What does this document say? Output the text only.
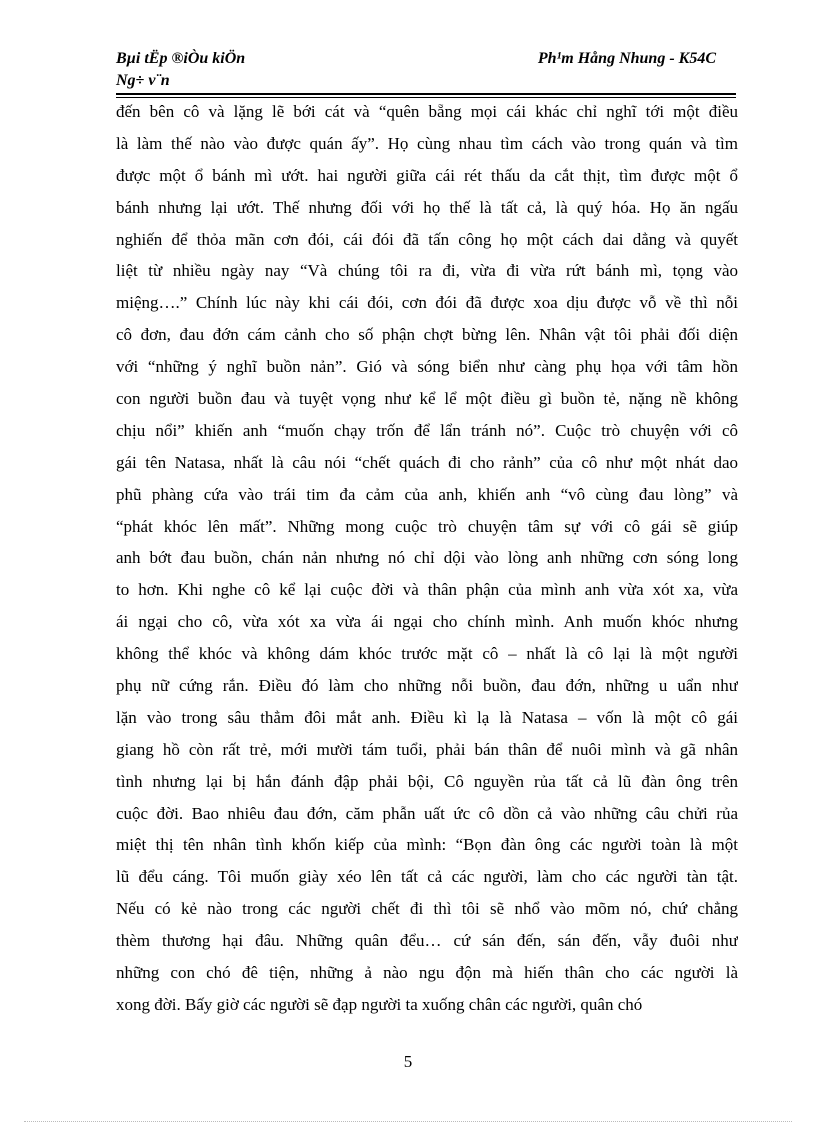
Bµi tËp ®iÒu kiÖn
Ng÷ v¨n
Ph¹m Hång Nhung - K54C
đến bên cô và lặng lẽ bới cát và “quên bẵng mọi cái khác chỉ nghĩ tới một điều
là làm thế nào vào được quán ấy”. Họ cùng nhau tìm cách vào trong quán và tìm
được một ổ bánh mì ướt. hai người giữa cái rét thấu da cắt thịt, tìm được một ổ
bánh nhưng lại ướt. Thế nhưng đối với họ thế là tất cả, là quý hóa. Họ ăn ngấu
nghiến để thỏa mãn cơn đói, cái đói đã tấn công họ một cách dai dẳng và quyết
liệt từ nhiều ngày nay “Và chúng tôi ra đi, vừa đi vừa rứt bánh mì, tọng vào
miệng….” Chính lúc này khi cái đói, cơn đói đã được xoa dịu được vỗ về thì nỗi
cô đơn, đau đớn cám cảnh cho số phận chợt bừng lên. Nhân vật tôi phải đối diện
với “những ý nghĩ buồn nản”. Gió và sóng biển như càng phụ họa với tâm hồn
con người buồn đau và tuyệt vọng như kể lể một điều gì buồn tẻ, nặng nề không
chịu nổi” khiến anh “muốn chạy trốn để lẩn tránh nó”. Cuộc trò chuyện với cô
gái tên Natasa, nhất là câu nói “chết quách đi cho rảnh” của cô như một nhát dao
phũ phàng cứa vào trái tim đa cảm của anh, khiến anh “vô cùng đau lòng” và
“phát khóc lên mất”. Những mong cuộc trò chuyện tâm sự với cô gái sẽ giúp
anh bớt đau buồn, chán nản nhưng nó chỉ dội vào lòng anh những cơn sóng long
to hơn. Khi nghe cô kể lại cuộc đời và thân phận của mình anh vừa xót xa, vừa
ái ngại cho cô, vừa xót xa vừa ái ngại cho chính mình. Anh muốn khóc nhưng
không thể khóc và không dám khóc trước mặt cô – nhất là cô lại là một người
phụ nữ cứng rắn. Điều đó làm cho những nỗi buồn, đau đớn, những u uẩn như
lặn vào trong sâu thẳm đôi mắt anh. Điều kì lạ là Natasa – vốn là một cô gái
giang hồ còn rất trẻ, mới mười tám tuổi, phải bán thân để nuôi mình và gã nhân
tình nhưng lại bị hắn đánh đập phải bội, Cô nguyền rủa tất cả lũ đàn ông trên
cuộc đời. Bao nhiêu đau đớn, căm phẫn uất ức cô dồn cả vào những câu chửi rủa
miệt thị tên nhân tình khốn kiếp của mình: “Bọn đàn ông các người toàn là một
lũ đểu cáng. Tôi muốn giày xéo lên tất cả các người, làm cho các người tàn tật.
Nếu có kẻ nào trong các người chết đi thì tôi sẽ nhổ vào mõm nó, chứ chẳng
thèm thương hại đâu. Những quân đểu… cứ sán đến, sán đến, vẫy đuôi như
những con chó đê tiện, những ả nào ngu độn mà hiến thân cho các người là
xong đời. Bấy giờ các người sẽ đạp người ta xuống chân các người, quân chó
5
